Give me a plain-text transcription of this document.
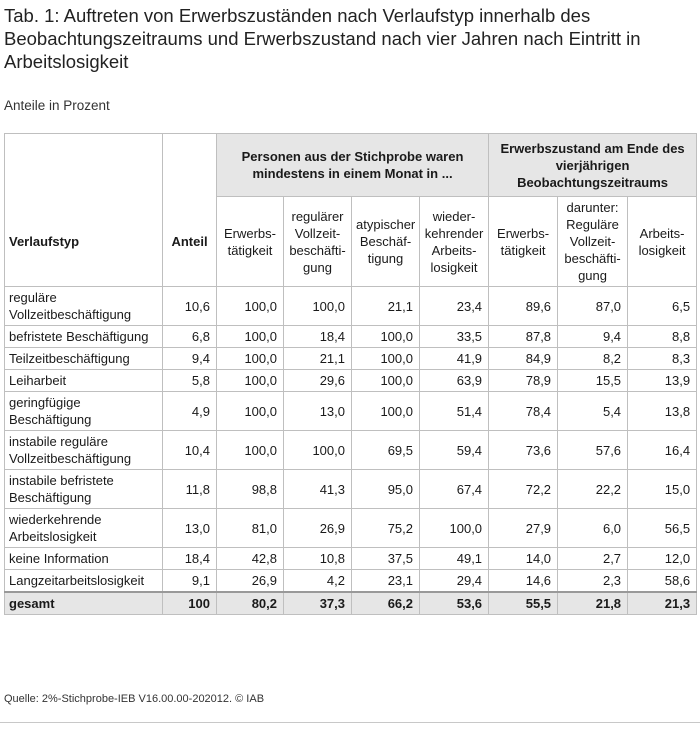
Tab. 1: Auftreten von Erwerbszuständen nach Verlaufstyp innerhalb des Beobachtungszeitraums und Erwerbszustand nach vier Jahren nach Eintritt in Arbeitslosigkeit
Anteile in Prozent
Verlaufstyp	Anteil	Personen aus der Stichprobe waren mindestens in einem Monat in ...				Erwerbszustand am Ende des vierjährigen Beobachtungszeitraums		
		Erwerbs-tätigkeit	regulärer Vollzeit-beschäfti-gung	atypischer Beschäf-tigung	wieder-kehrender Arbeits-losigkeit	Erwerbs-tätigkeit	darunter: Reguläre Vollzeit-beschäfti-gung	Arbeits-losigkeit
reguläre Vollzeitbeschäftigung	10,6	100,0	100,0	21,1	23,4	89,6	87,0	6,5
befristete Beschäftigung	6,8	100,0	18,4	100,0	33,5	87,8	9,4	8,8
Teilzeitbeschäftigung	9,4	100,0	21,1	100,0	41,9	84,9	8,2	8,3
Leiharbeit	5,8	100,0	29,6	100,0	63,9	78,9	15,5	13,9
geringfügige Beschäftigung	4,9	100,0	13,0	100,0	51,4	78,4	5,4	13,8
instabile reguläre Vollzeitbeschäftigung	10,4	100,0	100,0	69,5	59,4	73,6	57,6	16,4
instabile befristete Beschäftigung	11,8	98,8	41,3	95,0	67,4	72,2	22,2	15,0
wiederkehrende Arbeitslosigkeit	13,0	81,0	26,9	75,2	100,0	27,9	6,0	56,5
keine Information	18,4	42,8	10,8	37,5	49,1	14,0	2,7	12,0
Langzeitarbeitslosigkeit	9,1	26,9	4,2	23,1	29,4	14,6	2,3	58,6
gesamt	100	80,2	37,3	66,2	53,6	55,5	21,8	21,3
Quelle: 2%-Stichprobe-IEB V16.00.00-202012. © IAB
